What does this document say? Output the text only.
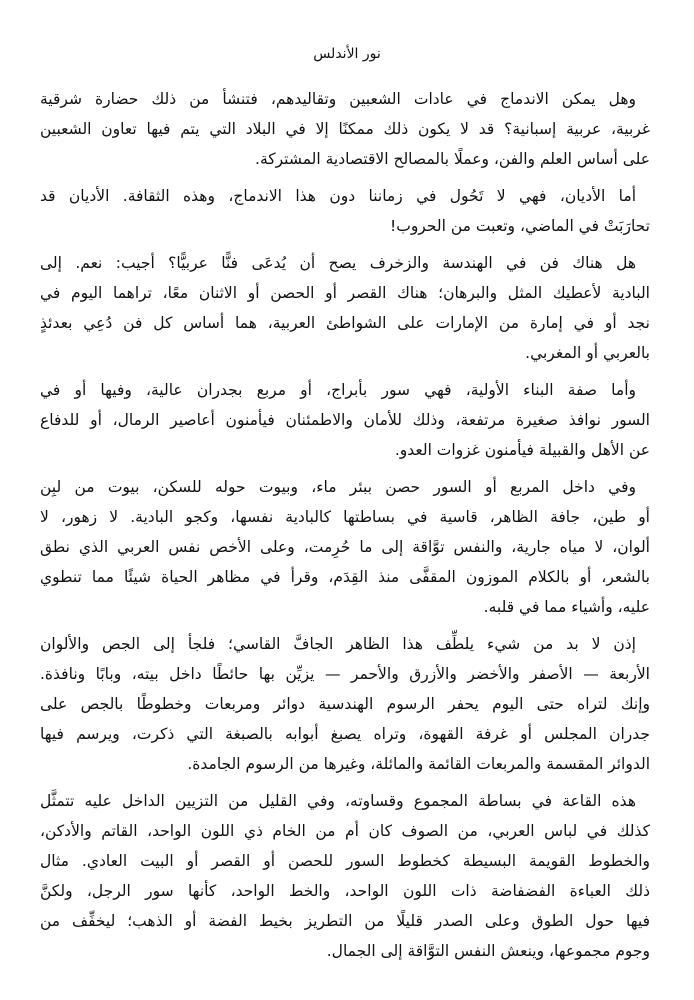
نور الأندلس
وهل يمكن الاندماج في عادات الشعبين وتقاليدهم، فتنشأ من ذلك حضارة شرقية
غربية، عربية إسبانية؟ قد لا يكون ذلك ممكنًا إلا في البلاد التي يتم فيها تعاون الشعبين
على أساس العلم والفن، وعملًا بالمصالح الاقتصادية المشتركة.
أما الأديان، فهي لا تَحُول في زماننا دون هذا الاندماج، وهذه الثقافة. الأديان قد
تحارَبَتْ في الماضي، وتعبت من الحروب!
هل هناك فن في الهندسة والزخرف يصح أن يُدعَى فنًّا عربيًّا؟ أجيب: نعم. إلى
البادية لأعطيك المثل والبرهان؛ هناك القصر أو الحصن أو الاثنان معًا، تراهما اليوم في
نجد أو في إمارة من الإمارات على الشواطئ العربية، هما أساس كل فن دُعِي بعدئذٍ
بالعربي أو المغربي.
وأما صفة البناء الأولية، فهي سور بأبراج، أو مربع بجدران عالية، وفيها أو في
السور نوافذ صغيرة مرتفعة، وذلك للأمان والاطمئنان فيأمنون أعاصير الرمال، أو للدفاع
عن الأهل والقبيلة فيأمنون غزوات العدو.
وفي داخل المربع أو السور حصن ببئر ماء، وبيوت حوله للسكن، بيوت من لبِن
أو طين، جافة الظاهر، قاسية في بساطتها كالبادية نفسها، وكجو البادية. لا زهور، لا
ألوان، لا مياه جارية، والنفس توَّاقة إلى ما حُرِمت، وعلى الأخص نفس العربي الذي نطق
بالشعر، أو بالكلام الموزون المقفَّى منذ القِدَم، وقرأ في مظاهر الحياة شيئًا مما تنطوي
عليه، وأشياء مما في قلبه.
إذن لا بد من شيء يلطِّف هذا الظاهر الجافَّ القاسي؛ فلجأ إلى الجص والألوان
الأربعة — الأصفر والأخضر والأزرق والأحمر — يزيِّن بها حائطًا داخل بيته، وبابًا ونافذة.
وإنك لتراه حتى اليوم يحفر الرسوم الهندسية دوائر ومربعات وخطوطًا بالجص على
جدران المجلس أو غرفة القهوة، وتراه يصبغ أبوابه بالصبغة التي ذكرت، ويرسم فيها
الدوائر المقسمة والمربعات القائمة والمائلة، وغيرها من الرسوم الجامدة.
هذه القاعة في بساطة المجموع وقساوته، وفي القليل من التزيين الداخل عليه تتمثَّل
كذلك في لباس العربي، من الصوف كان أم من الخام ذي اللون الواحد، القاتم والأدكن،
والخطوط القويمة البسيطة كخطوط السور للحصن أو القصر أو البيت العادي. مثال
ذلك العباءة الفضفاضة ذات اللون الواحد، والخط الواحد، كأنها سور الرجل، ولكنَّ
فيها حول الطوق وعلى الصدر قليلًا من التطريز بخيط الفضة أو الذهب؛ ليخفِّف من
وجوم مجموعها، وينعش النفس التوَّاقة إلى الجمال.
